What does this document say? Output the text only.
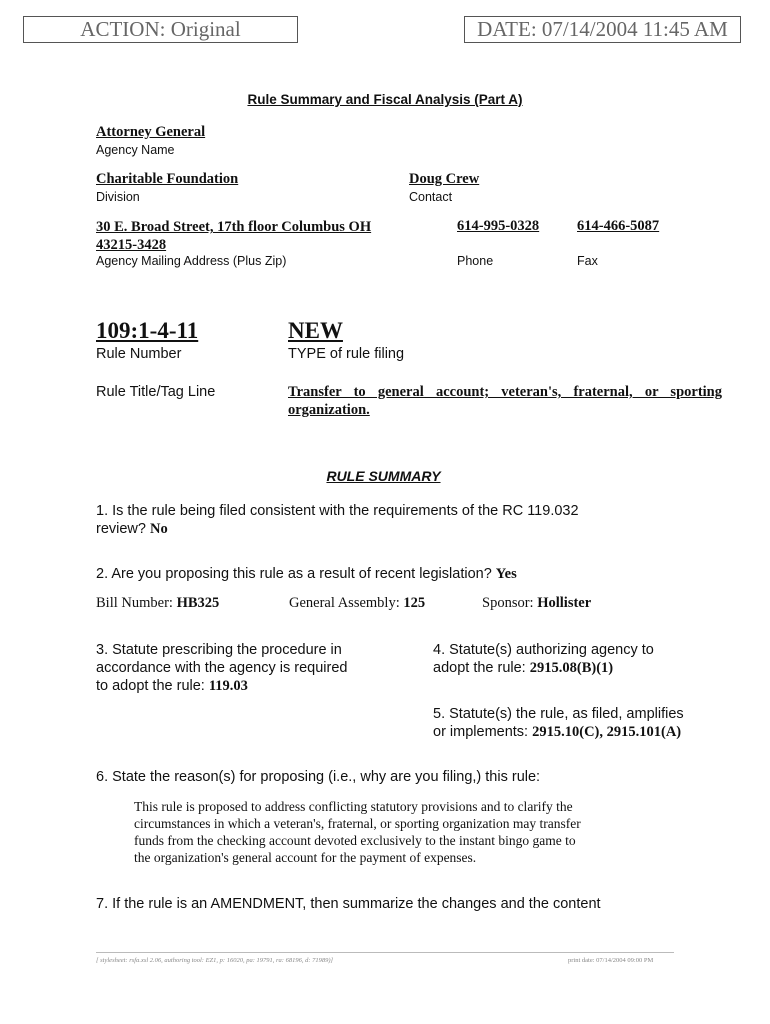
ACTION: Original	DATE: 07/14/2004 11:45 AM
Rule Summary and Fiscal Analysis (Part A)
Attorney General
Agency Name
Charitable Foundation
Division
Doug Crew
Contact
30 E. Broad Street, 17th floor Columbus OH
43215-3428
Agency Mailing Address (Plus Zip)
614-995-0328
Phone
614-466-5087
Fax
109:1-4-11
Rule Number
NEW
TYPE of rule filing
Rule Title/Tag Line	Transfer to general account; veteran's, fraternal, or sporting
organization.
RULE SUMMARY
1. Is the rule being filed consistent with the requirements of the RC 119.032
review? No
2. Are you proposing this rule as a result of recent legislation? Yes
Bill Number: HB325	General Assembly: 125	Sponsor: Hollister
3. Statute prescribing the procedure in
accordance with the agency is required
to adopt the rule: 119.03
4. Statute(s) authorizing agency to
adopt the rule: 2915.08(B)(1)
5. Statute(s) the rule, as filed, amplifies
or implements: 2915.10(C), 2915.101(A)
6. State the reason(s) for proposing (i.e., why are you filing,) this rule:
This rule is proposed to address conflicting statutory provisions and to clarify the
circumstances in which a veteran's, fraternal, or sporting organization may transfer
funds from the checking account devoted exclusively to the instant bingo game to
the organization's general account for the payment of expenses.
7. If the rule is an AMENDMENT, then summarize the changes and the content
[ stylesheet: rsfa.xsl 2.06, authoring tool: EZ1, p: 16020, pa: 19791, ra: 68196, d: 71989)]	print date: 07/14/2004 09:00 PM
